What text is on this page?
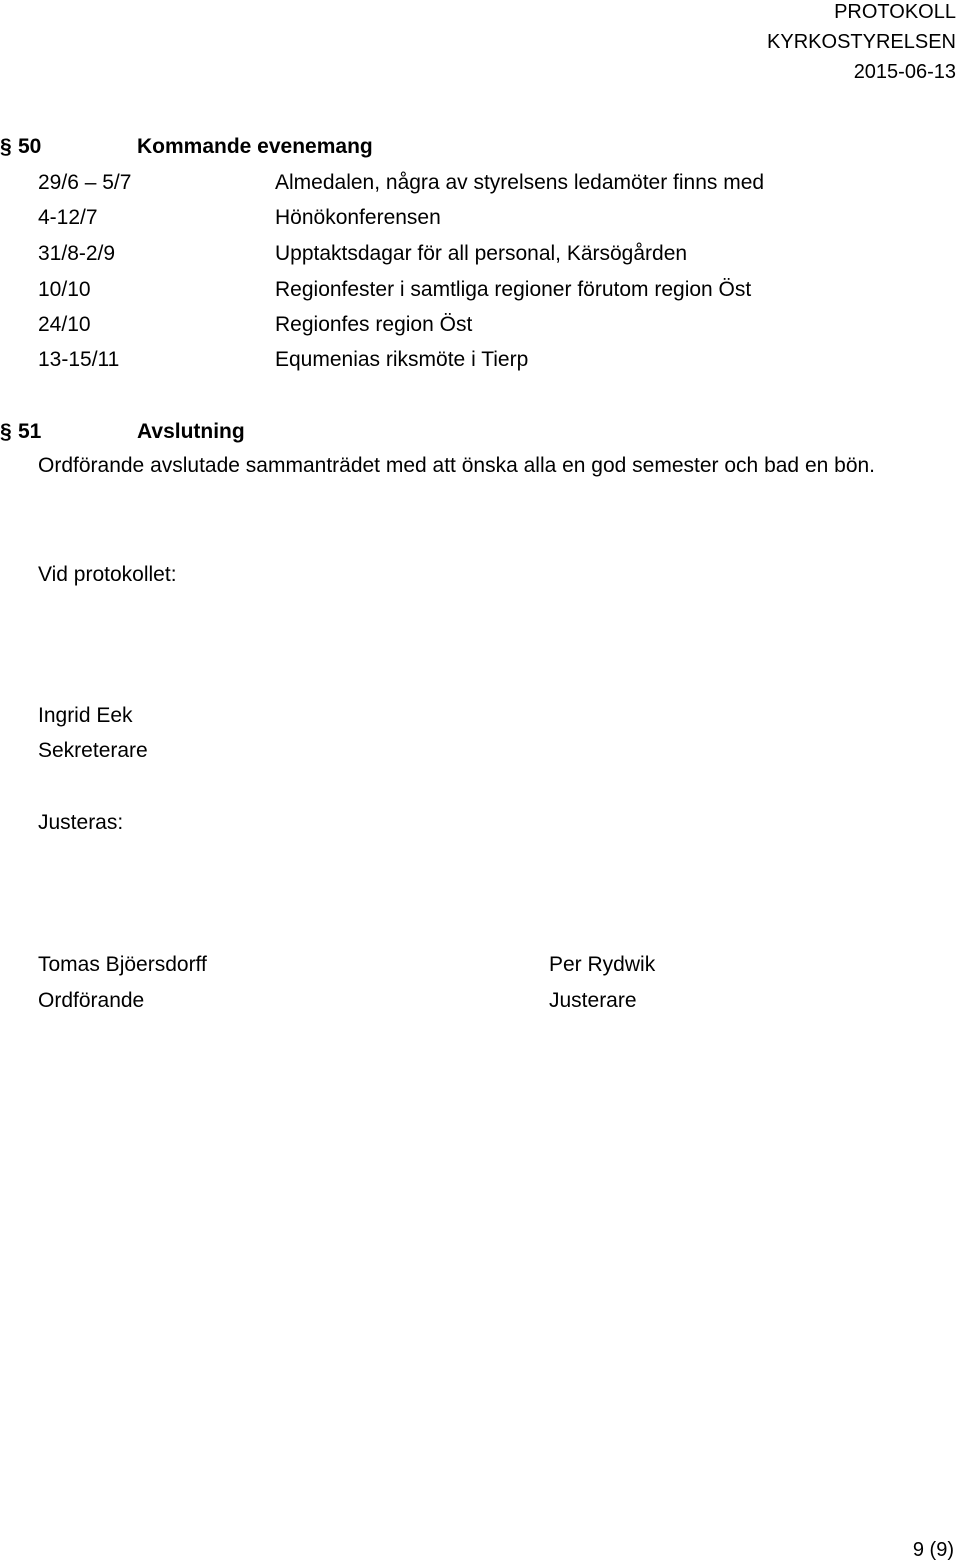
PROTOKOLL
KYRKOSTYRELSEN
2015-06-13
§ 50	Kommande evenemang
29/6 – 5/7	Almedalen, några av styrelsens ledamöter finns med
4-12/7	Hönökonferensen
31/8-2/9	Upptaktsdagar för all personal, Kärsögården
10/10	Regionfester i samtliga regioner förutom region Öst
24/10	Regionfes region Öst
13-15/11	Equmenias riksmöte i Tierp
§ 51	Avslutning
Ordförande avslutade sammanträdet med att önska alla en god semester och bad en bön.
Vid protokollet:
Ingrid Eek
Sekreterare
Justeras:
Tomas Bjöersdorff
Ordförande
Per Rydwik
Justerare
9 (9)
